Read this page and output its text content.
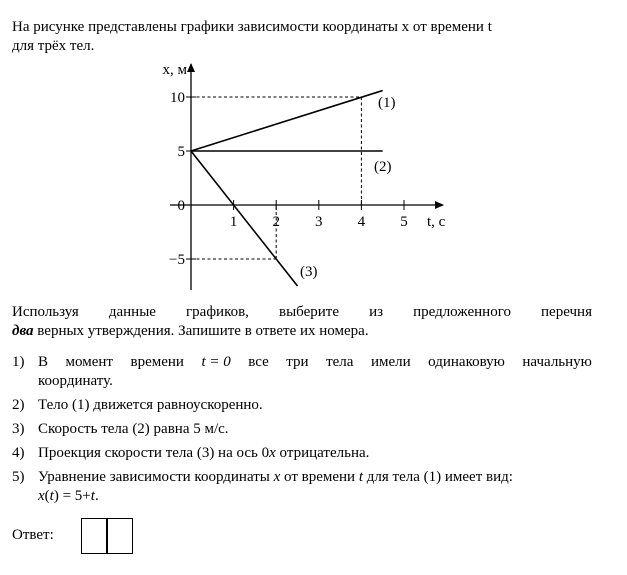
На рисунке представлены графики зависимости координаты x от времени t
для трёх тел.
1 2 3 4 5
10
5
0
−5
x, м
t, с
(1)
(2)
(3)
Используя данные графиков, выберите из предложенного перечня
два верных утверждения. Запишите в ответе их номера.
1) В момент времени t = 0 все три тела имели одинаковую начальную
координату.
2) Тело (1) движется равноускоренно.
3) Скорость тела (2) равна 5 м/с.
4) Проекция скорости тела (3) на ось 0x отрицательна.
5) Уравнение зависимости координаты x от времени t для тела (1) имеет вид:
x(t) = 5+t.
Ответ:
